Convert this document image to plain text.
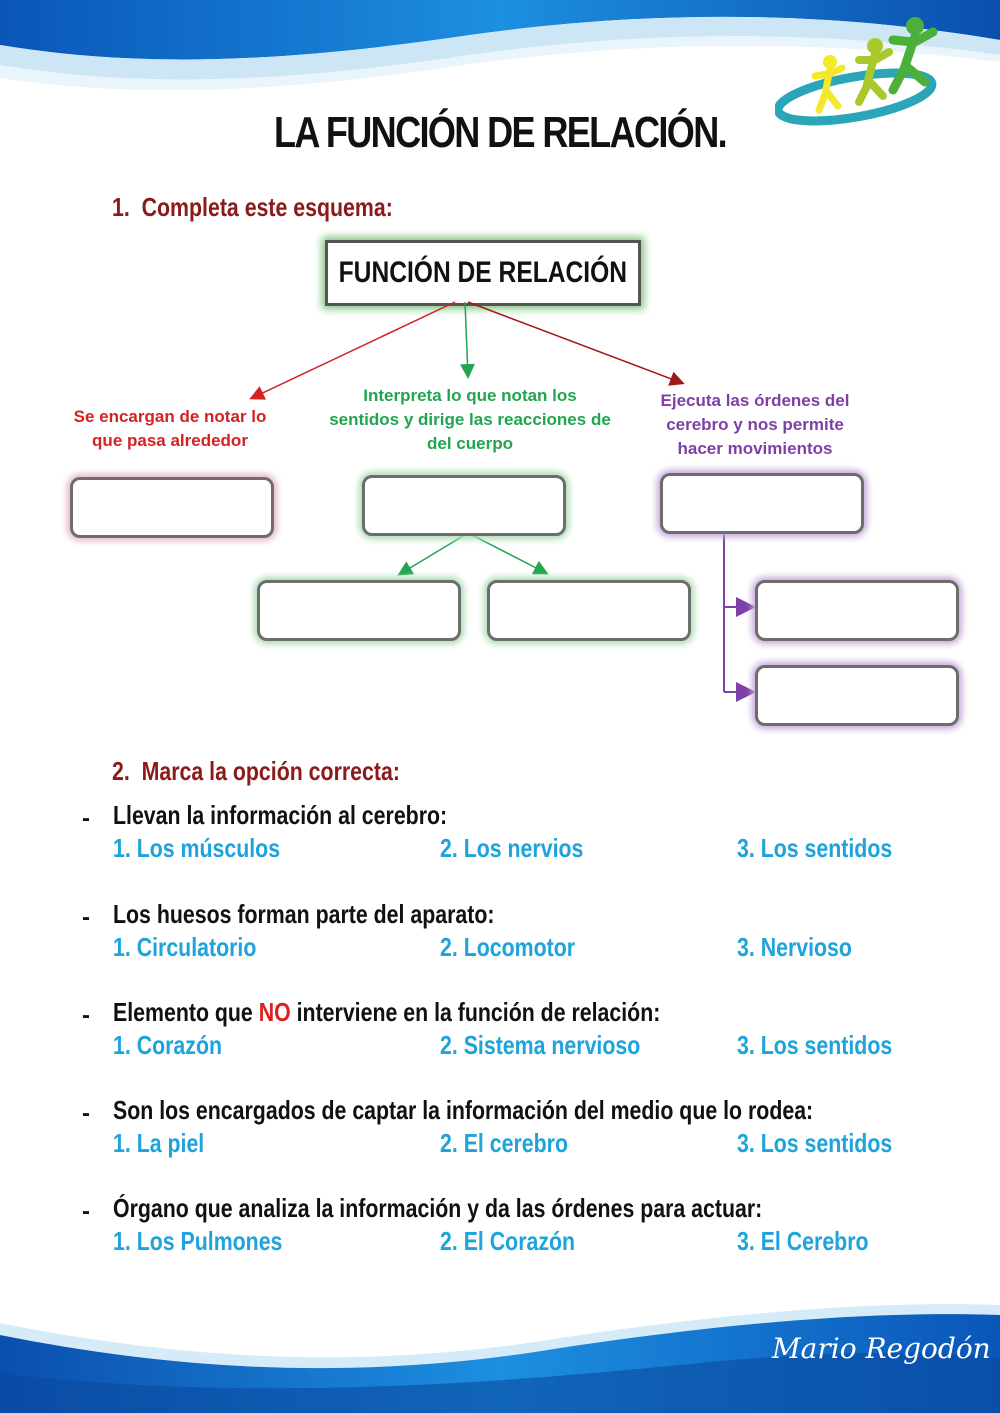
LA FUNCIÓN DE RELACIÓN.
1. Completa este esquema:
FUNCIÓN DE RELACIÓN
Se encargan de notar lo
que pasa alrededor
Interpreta lo que notan los
sentidos y dirige las reacciones de
del cuerpo
Ejecuta las órdenes del
cerebro y nos permite
hacer movimientos
2. Marca la opción correcta:
- Llevan la información al cerebro:
1. Los músculos	2. Los nervios	3. Los sentidos
- Los huesos forman parte del aparato:
1. Circulatorio	2. Locomotor	3. Nervioso
- Elemento que NO interviene en la función de relación:
1. Corazón	2. Sistema nervioso	3. Los sentidos
- Son los encargados de captar la información del medio que lo rodea:
1. La piel	2. El cerebro	3. Los sentidos
- Órgano que analiza la información y da las órdenes para actuar:
1. Los Pulmones	2. El Corazón	3. El Cerebro
Mario Regodón
